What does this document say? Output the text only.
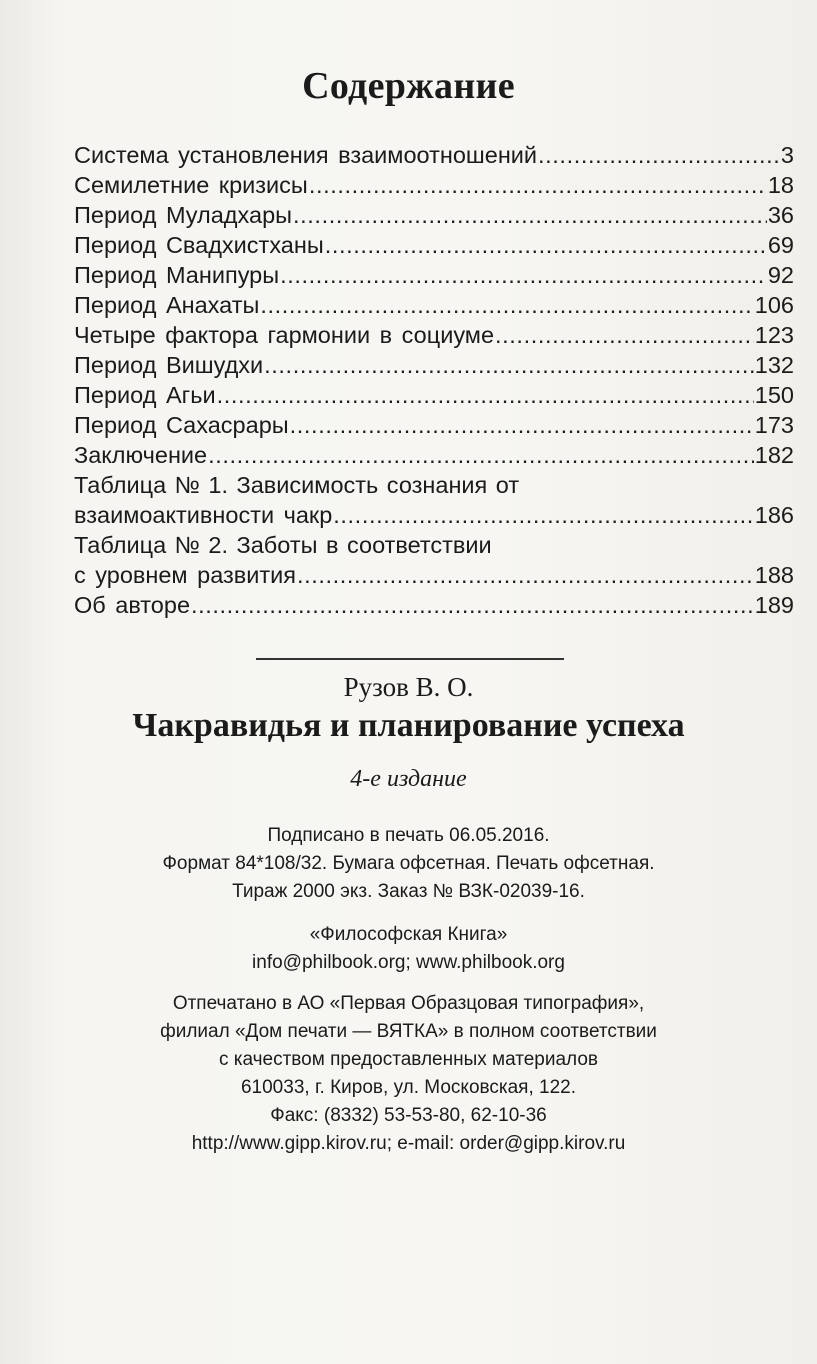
Содержание
Система установления взаимоотношений .....	3
Семилетние кризисы .....	18
Период Муладхары .....	36
Период Свадхистханы .....	69
Период Манипуры .....	92
Период Анахаты .....	106
Четыре фактора гармонии в социуме .....	123
Период Вишудхи .....	132
Период Агьи .....	150
Период Сахасрары .....	173
Заключение .....	182
Таблица № 1. Зависимость сознания от
взаимоактивности чакр .....	186
Таблица № 2. Заботы в соответствии
с уровнем развития .....	188
Об авторе .....	189
Рузов В. О.
Чакравидья и планирование успеха
4-е издание
Подписано в печать 06.05.2016.
Формат 84*108/32. Бумага офсетная. Печать офсетная.
Тираж 2000 экз. Заказ № ВЗК-02039-16.
«Философская Книга»
info@philbook.org; www.philbook.org
Отпечатано в АО «Первая Образцовая типография»,
филиал «Дом печати — ВЯТКА» в полном соответствии
с качеством предоставленных материалов
610033, г. Киров, ул. Московская, 122.
Факс: (8332) 53-53-80, 62-10-36
http://www.gipp.kirov.ru; e-mail: order@gipp.kirov.ru
